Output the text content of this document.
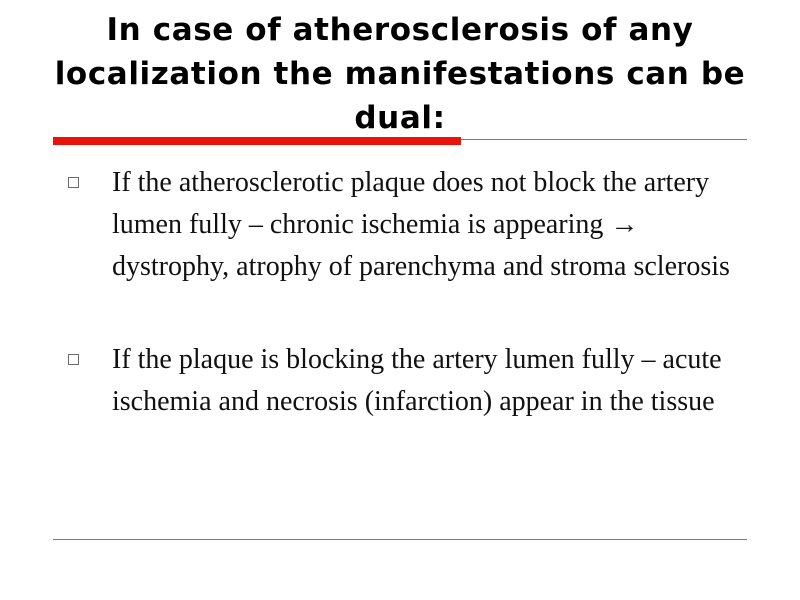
In case of atherosclerosis of any localization the manifestations can be dual:
If the atherosclerotic plaque does not block the artery lumen fully – chronic ischemia is appearing → dystrophy, atrophy of parenchyma and stroma sclerosis
If the plaque is blocking the artery lumen fully – acute ischemia and necrosis (infarction) appear in the tissue
